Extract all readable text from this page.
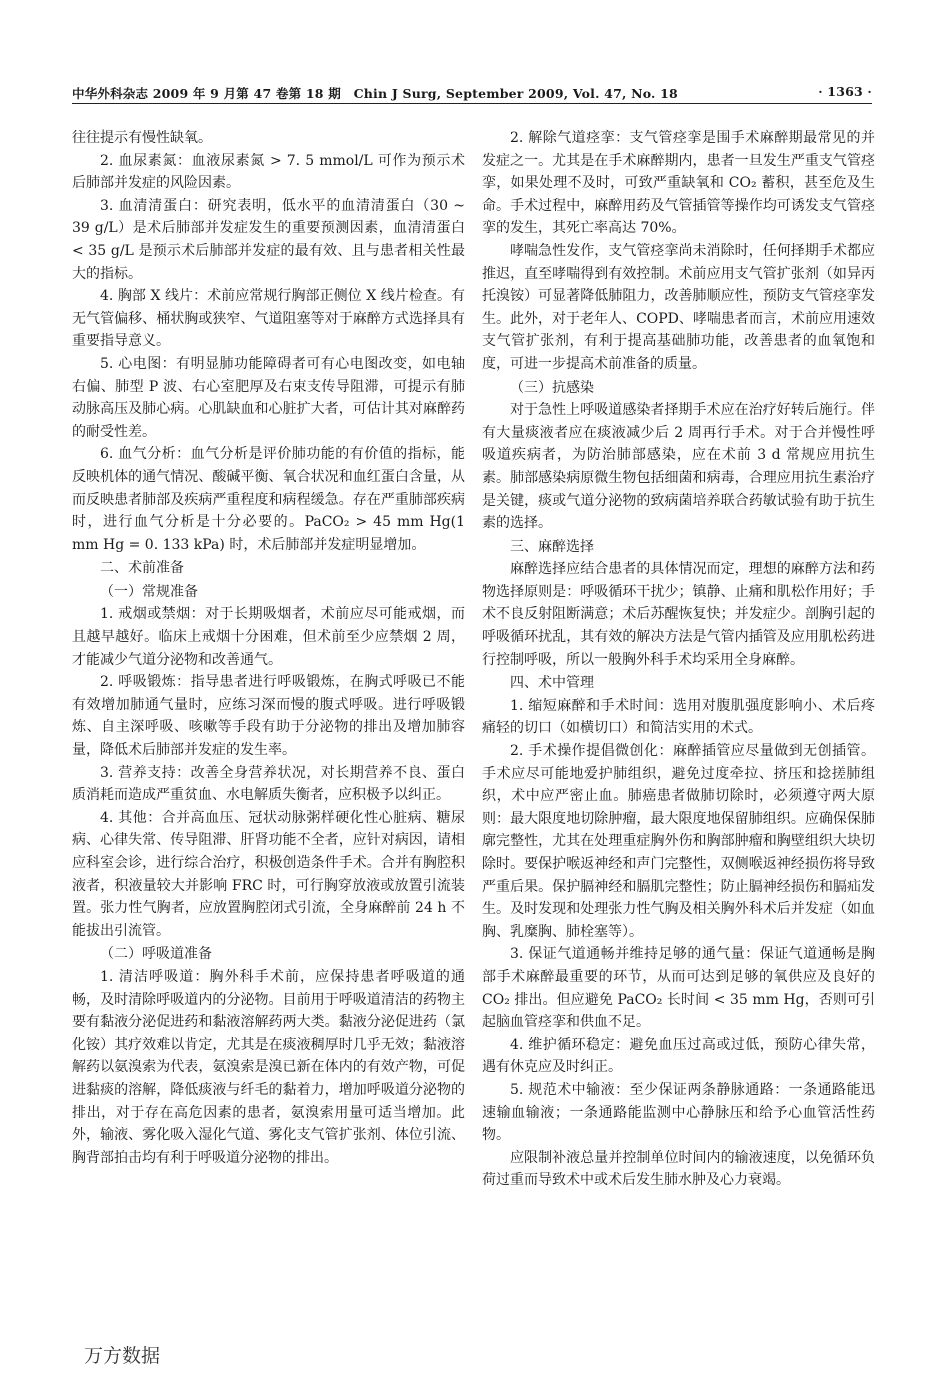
中华外科杂志 2009 年 9 月第 47 卷第 18 期　Chin J Surg, September 2009, Vol. 47, No. 18	· 1363 ·

往往提示有慢性缺氧。

2. 血尿素氮：血液尿素氮 > 7. 5 mmol/L 可作为预示术后肺部并发症的风险因素。

3. 血清清蛋白：研究表明，低水平的血清清蛋白（30 ~ 39 g/L）是术后肺部并发症发生的重要预测因素，血清清蛋白 < 35 g/L 是预示术后肺部并发症的最有效、且与患者相关性最大的指标。

4. 胸部 X 线片：术前应常规行胸部正侧位 X 线片检查。有无气管偏移、桶状胸或狭窄、气道阻塞等对于麻醉方式选择具有重要指导意义。

5. 心电图：有明显肺功能障碍者可有心电图改变，如电轴右偏、肺型 P 波、右心室肥厚及右束支传导阻滞，可提示有肺动脉高压及肺心病。心肌缺血和心脏扩大者，可估计其对麻醉药的耐受性差。

6. 血气分析：血气分析是评价肺功能的有价值的指标，能反映机体的通气情况、酸碱平衡、氧合状况和血红蛋白含量，从而反映患者肺部及疾病严重程度和病程缓急。存在严重肺部疾病时，进行血气分析是十分必要的。PaCO₂ > 45 mm Hg(1 mm Hg = 0. 133 kPa) 时，术后肺部并发症明显增加。

二、术前准备

（一）常规准备

1. 戒烟或禁烟：对于长期吸烟者，术前应尽可能戒烟，而且越早越好。临床上戒烟十分困难，但术前至少应禁烟 2 周，才能减少气道分泌物和改善通气。

2. 呼吸锻炼：指导患者进行呼吸锻炼，在胸式呼吸已不能有效增加肺通气量时，应练习深而慢的腹式呼吸。进行呼吸锻炼、自主深呼吸、咳嗽等手段有助于分泌物的排出及增加肺容量，降低术后肺部并发症的发生率。

3. 营养支持：改善全身营养状况，对长期营养不良、蛋白质消耗而造成严重贫血、水电解质失衡者，应积极予以纠正。

4. 其他：合并高血压、冠状动脉粥样硬化性心脏病、糖尿病、心律失常、传导阻滞、肝肾功能不全者，应针对病因，请相应科室会诊，进行综合治疗，积极创造条件手术。合并有胸腔积液者，积液量较大并影响 FRC 时，可行胸穿放液或放置引流装置。张力性气胸者，应放置胸腔闭式引流，全身麻醉前 24 h 不能拔出引流管。

（二）呼吸道准备

1. 清洁呼吸道：胸外科手术前，应保持患者呼吸道的通畅，及时清除呼吸道内的分泌物。目前用于呼吸道清洁的药物主要有黏液分泌促进药和黏液溶解药两大类。黏液分泌促进药（氯化铵）其疗效难以肯定，尤其是在痰液稠厚时几乎无效；黏液溶解药以氨溴索为代表，氨溴索是溴已新在体内的有效产物，可促进黏痰的溶解，降低痰液与纤毛的黏着力，增加呼吸道分泌物的排出，对于存在高危因素的患者，氨溴索用量可适当增加。此外，输液、雾化吸入湿化气道、雾化支气管扩张剂、体位引流、胸背部拍击均有利于呼吸道分泌物的排出。

2. 解除气道痉挛：支气管痉挛是围手术麻醉期最常见的并发症之一。尤其是在手术麻醉期内，患者一旦发生严重支气管痉挛，如果处理不及时，可致严重缺氧和 CO₂ 蓄积，甚至危及生命。手术过程中，麻醉用药及气管插管等操作均可诱发支气管痉挛的发生，其死亡率高达 70%。

哮喘急性发作，支气管痉挛尚未消除时，任何择期手术都应推迟，直至哮喘得到有效控制。术前应用支气管扩张剂（如异丙托溴铵）可显著降低肺阻力，改善肺顺应性，预防支气管痉挛发生。此外，对于老年人、COPD、哮喘患者而言，术前应用速效支气管扩张剂，有利于提高基础肺功能，改善患者的血氧饱和度，可进一步提高术前准备的质量。

（三）抗感染

对于急性上呼吸道感染者择期手术应在治疗好转后施行。伴有大量痰液者应在痰液减少后 2 周再行手术。对于合并慢性呼吸道疾病者，为防治肺部感染，应在术前 3 d 常规应用抗生素。肺部感染病原微生物包括细菌和病毒，合理应用抗生素治疗是关键，痰或气道分泌物的致病菌培养联合药敏试验有助于抗生素的选择。

三、麻醉选择

麻醉选择应结合患者的具体情况而定，理想的麻醉方法和药物选择原则是：呼吸循环干扰少；镇静、止痛和肌松作用好；手术不良反射阻断满意；术后苏醒恢复快；并发症少。剖胸引起的呼吸循环扰乱，其有效的解决方法是气管内插管及应用肌松药进行控制呼吸，所以一般胸外科手术均采用全身麻醉。

四、术中管理

1. 缩短麻醉和手术时间：选用对腹肌强度影响小、术后疼痛轻的切口（如横切口）和简洁实用的术式。

2. 手术操作提倡微创化：麻醉插管应尽量做到无创插管。手术应尽可能地爱护肺组织，避免过度牵拉、挤压和捻搓肺组织，术中应严密止血。肺癌患者做肺切除时，必须遵守两大原则：最大限度地切除肿瘤，最大限度地保留肺组织。应确保保肺廓完整性，尤其在处理重症胸外伤和胸部肿瘤和胸壁组织大块切除时。要保护喉返神经和声门完整性，双侧喉返神经损伤将导致严重后果。保护膈神经和膈肌完整性；防止膈神经损伤和膈疝发生。及时发现和处理张力性气胸及相关胸外科术后并发症（如血胸、乳糜胸、肺栓塞等）。

3. 保证气道通畅并维持足够的通气量：保证气道通畅是胸部手术麻醉最重要的环节，从而可达到足够的氧供应及良好的 CO₂ 排出。但应避免 PaCO₂ 长时间 < 35 mm Hg，否则可引起脑血管痉挛和供血不足。

4. 维护循环稳定：避免血压过高或过低，预防心律失常，遇有休克应及时纠正。

5. 规范术中输液：至少保证两条静脉通路：一条通路能迅速输血输液；一条通路能监测中心静脉压和给予心血管活性药物。

应限制补液总量并控制单位时间内的输液速度，以免循环负荷过重而导致术中或术后发生肺水肿及心力衰竭。

万方数据
